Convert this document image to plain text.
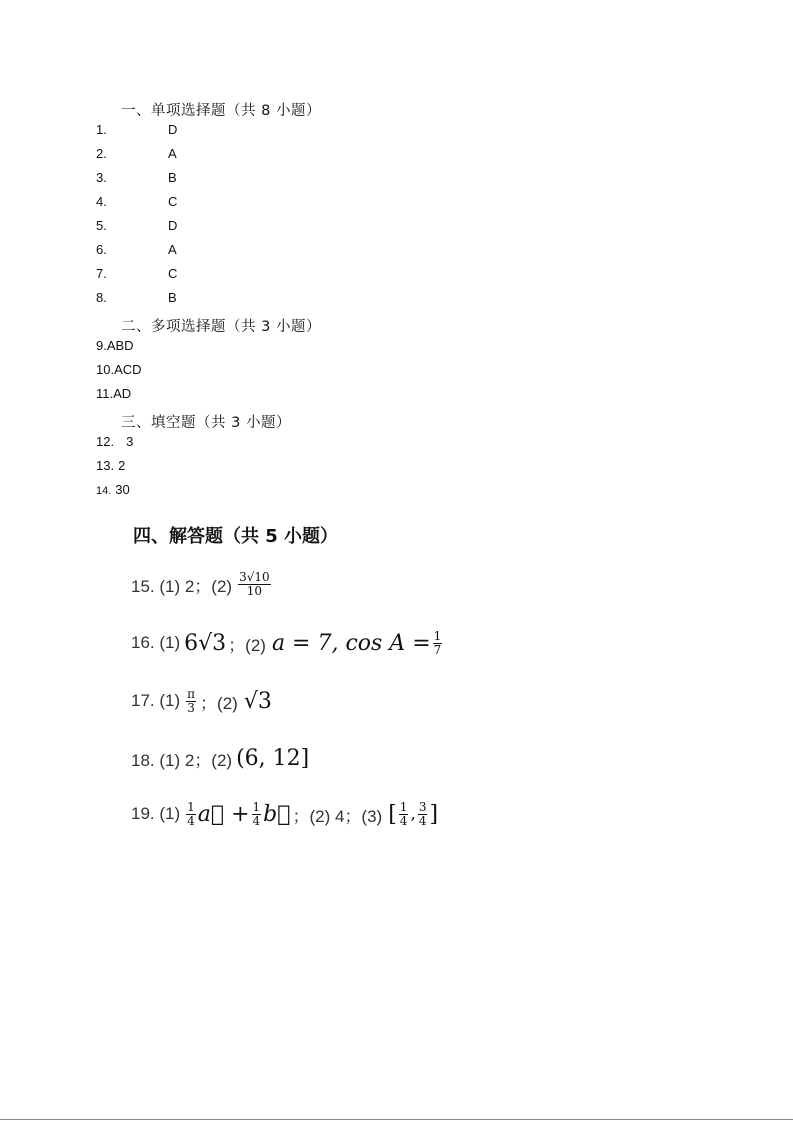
一、单项选择题（共 8 小题）
1.	D
2.	A
3.	B
4.	C
5.	D
6.	A
7.	C
8.	B
二、多项选择题（共 3 小题）
9.ABD
10.ACD
11.AD
三、填空题（共 3 小题）
12. 3
13. 2
14. 30
四、解答题（共 5 小题）
15. (1) 2；$(2) \frac{3√10}{10}$
16. (1) 6√3 ；(2) a = 7, $\cos A = \frac{1}{7}$
17. $(1) \frac{\pi}{3}$ ；(2) √3
18. (1) 2；(2) (6, 12]
19. $(1) \frac{1}{4}$ a⃗ + $\frac{1}{4}$ b⃗ ；(2) 4；(3) [ $\frac{1}{4}$ , $\frac{3}{4}$ ]
